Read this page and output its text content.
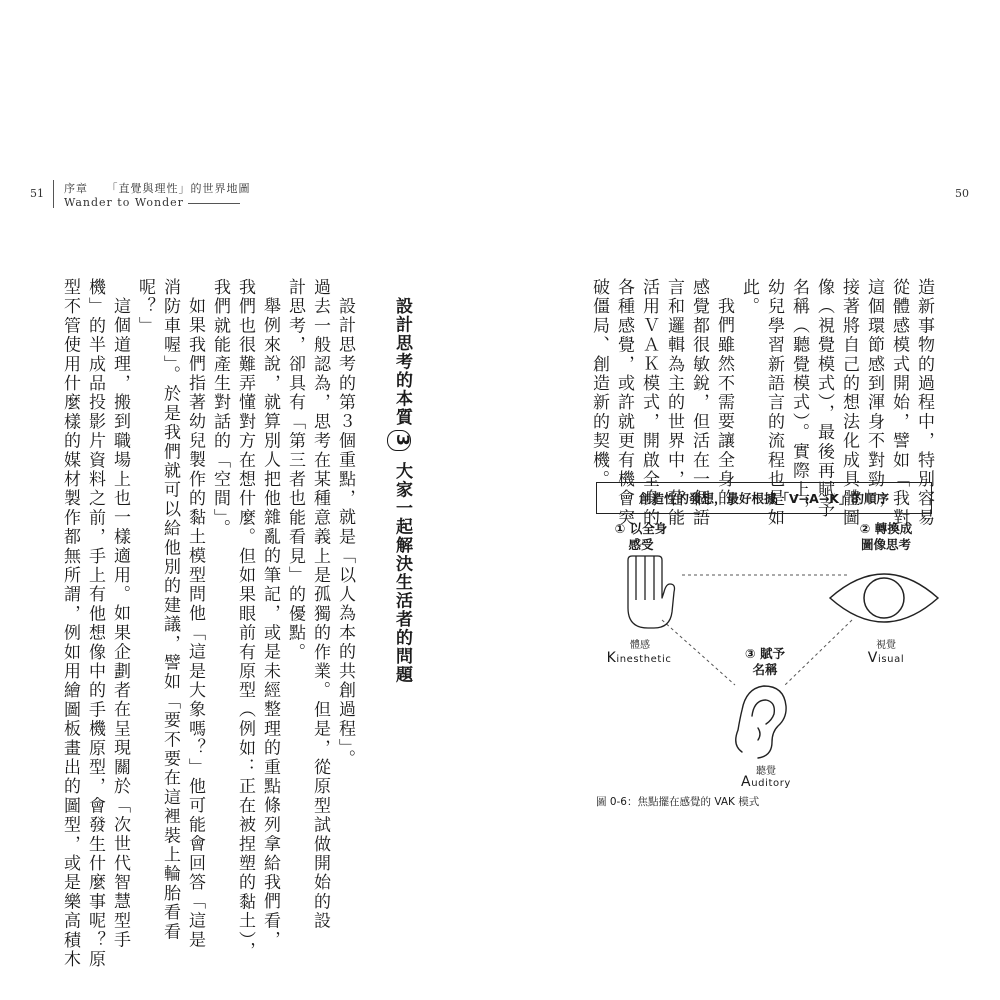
51 序章　　「直覺與理性」的世界地圖
Wander to Wonder
50
設計思考的本質3大家一起解決生活者的問題
設計思考的第３個重點，就是「以人為本的共創過程」。
過去一般認為，思考在某種意義上是孤獨的作業。但是，從原型試做開始的設
計思考，卻具有「第三者也能看見」的優點。
舉例來說，就算別人把他雜亂的筆記，或是未經整理的重點條列拿給我們看，
我們也很難弄懂對方在想什麼。但如果眼前有原型（例如：正在被捏塑的黏土），
我們就能產生對話的「空間」。
如果我們指著幼兒製作的黏土模型問他「這是大象嗎？」他可能會回答「這是
消防車喔」。於是我們就可以給他別的建議，譬如「要不要在這裡裝上輪胎看看
呢？」
這個道理，搬到職場上也一樣適用。如果企劃者在呈現關於「次世代智慧型手
機」的半成品投影片資料之前，手上有他想像中的手機原型，會發生什麼事呢？原
型不管使用什麼樣的媒材製作都無所謂，例如用繪圖板畫出的圖型，或是樂高積木	造新事物的過程中，特別容易
從體感模式開始，譬如「我對
這個環節感到渾身不對勁」，
接著將自己的想法化成具體圖
像（視覺模式），最後再賦予
名稱（聽覺模式）。實際上，
幼兒學習新語言的流程也是如
此。
我們雖然不需要讓全身的
感覺都很敏銳，但活在一個語
言和邏輯為主的世界中，若能
活用ＶＡＫ模式，開啟全身的
各種感覺，或許就更有機會突
破僵局、創造新的契機。
創造性的發想，最好根據「V→A→K」的順序
① 以全身
感受
② 轉換成
圖像思考
③ 賦予
名稱
體感
Kinesthetic
視覺
Visual
聽覺
Auditory
圖 0-6：焦點擺在感覺的 VAK 模式
